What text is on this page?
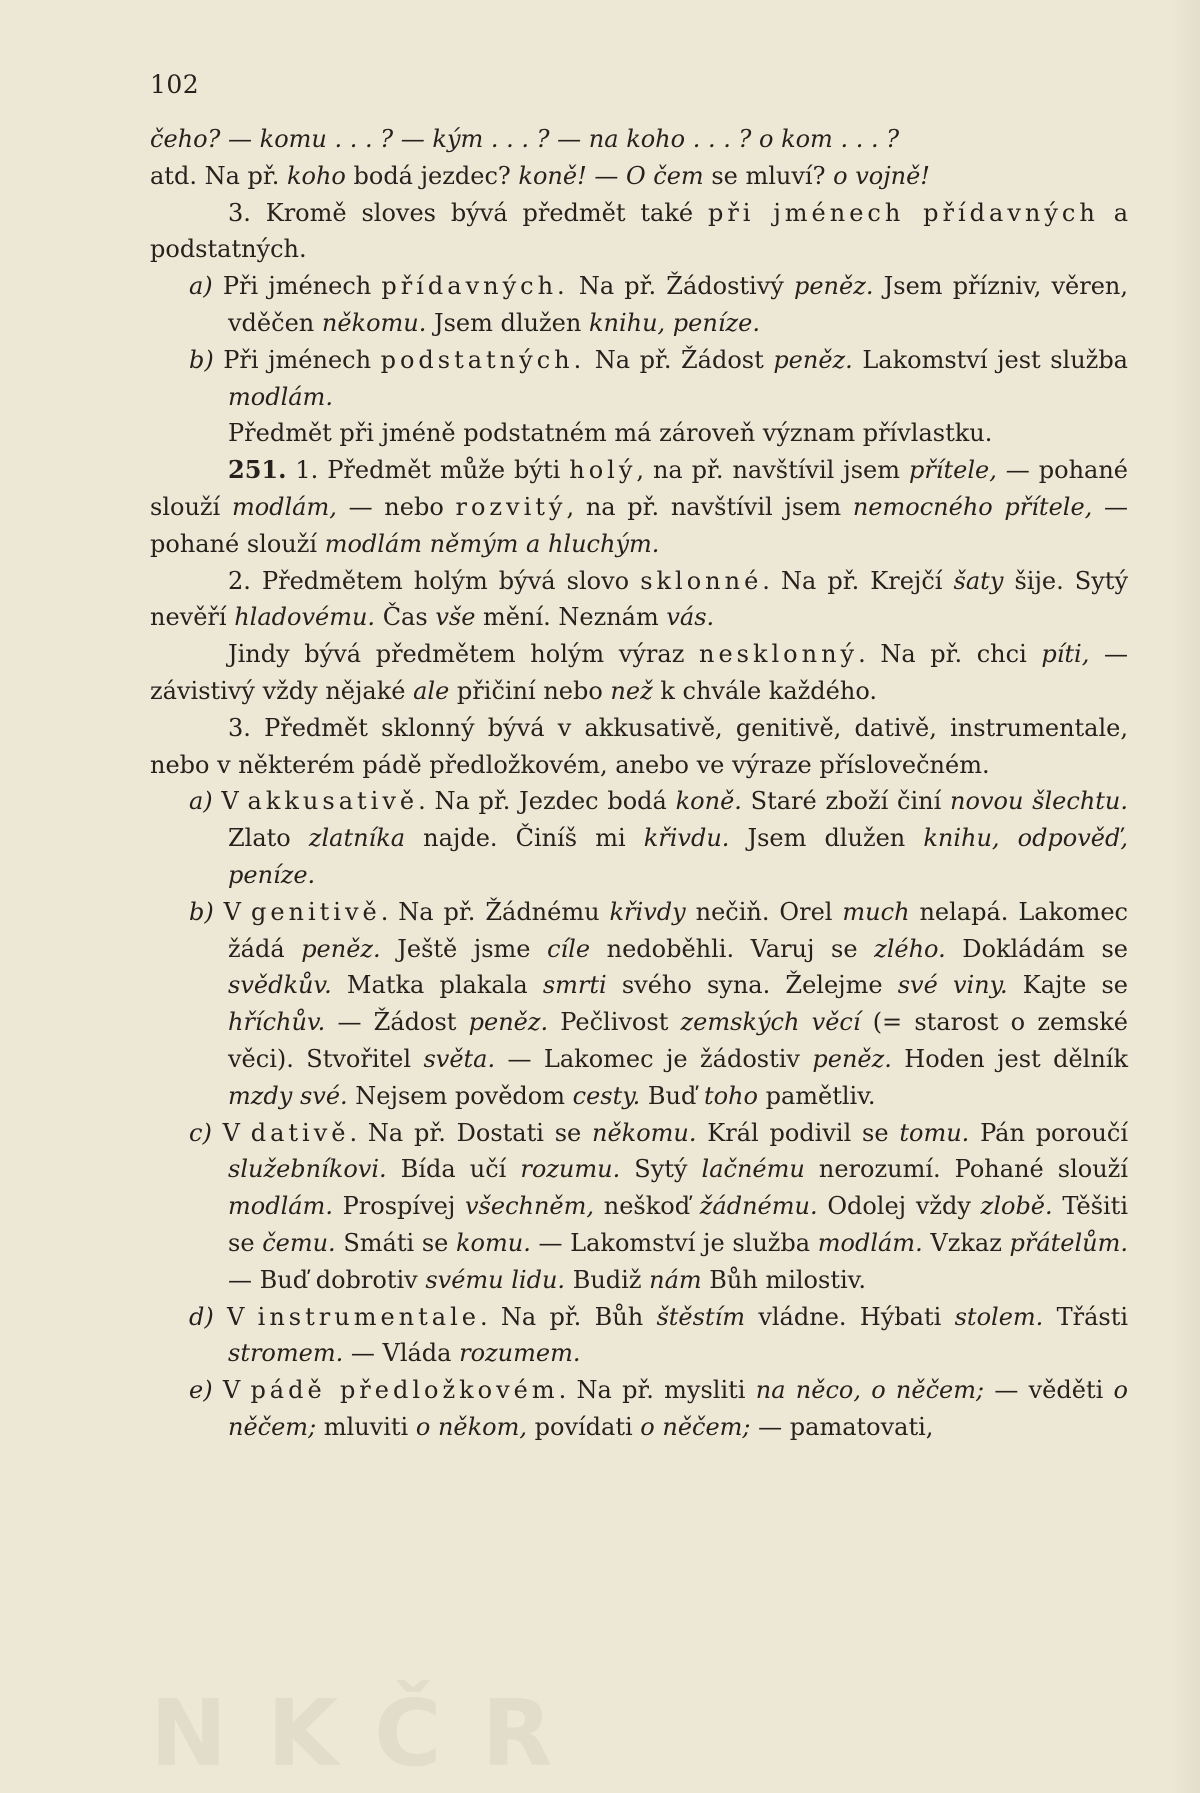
102

čeho? — komu . . . ? — kým . . . ? — na koho . . . ? o kom . . . ?

atd. Na př. koho bodá jezdec? koně! — O čem se mluví? o vojně!

3. Kromě sloves bývá předmět také při jménech přídavných a podstatných.

a) Při jménech přídavných. Na př. Žádostivý peněz. Jsem přízniv, věren, vděčen někomu. Jsem dlužen knihu, peníze.

b) Při jménech podstatných. Na př. Žádost peněz. Lakomství jest služba modlám.

Předmět při jméně podstatném má zároveň význam přívlastku.

251. 1. Předmět může býti holý, na př. navštívil jsem přítele, — pohané slouží modlám, — nebo rozvitý, na př. navštívil jsem nemocného přítele, — pohané slouží modlám němým a hluchým.

2. Předmětem holým bývá slovo sklonné. Na př. Krejčí šaty šije. Sytý nevěří hladovému. Čas vše mění. Neznám vás.

Jindy bývá předmětem holým výraz nesklonný. Na př. chci píti, — závistivý vždy nějaké ale přičiní nebo než k chvále každého.

3. Předmět sklonný bývá v akkusativě, genitivě, dativě, instrumentale, nebo v některém pádě předložkovém, anebo ve výraze příslovečném.

a) V akkusativě. Na př. Jezdec bodá koně. Staré zboží činí novou šlechtu. Zlato zlatníka najde. Činíš mi křivdu. Jsem dlužen knihu, odpověď, peníze.

b) V genitivě. Na př. Žádnému křivdy nečiň. Orel much nelapá. Lakomec žádá peněz. Ještě jsme cíle nedoběhli. Varuj se zlého. Dokládám se svědkův. Matka plakala smrti svého syna. Želejme své viny. Kajte se hříchův. — Žádost peněz. Pečlivost zemských věcí (= starost o zemské věci). Stvořitel světa. — Lakomec je žádostiv peněz. Hoden jest dělník mzdy své. Nejsem povědom cesty. Buď toho pamětliv.

c) V dativě. Na př. Dostati se někomu. Král podivil se tomu. Pán poroučí služebníkovi. Bída učí rozumu. Sytý lačnému nerozumí. Pohané slouží modlám. Prospívej všechněm, neškoď žádnému. Odolej vždy zlobě. Těšiti se čemu. Smáti se komu. — Lakomství je služba modlám. Vzkaz přátelům. — Buď dobrotiv svému lidu. Budiž nám Bůh milostiv.

d) V instrumentale. Na př. Bůh štěstím vládne. Hýbati stolem. Třásti stromem. — Vláda rozumem.

e) V pádě předložkovém. Na př. mysliti na něco, o něčem; — věděti o něčem; mluviti o někom, povídati o něčem; — pamatovati,

NKČR
